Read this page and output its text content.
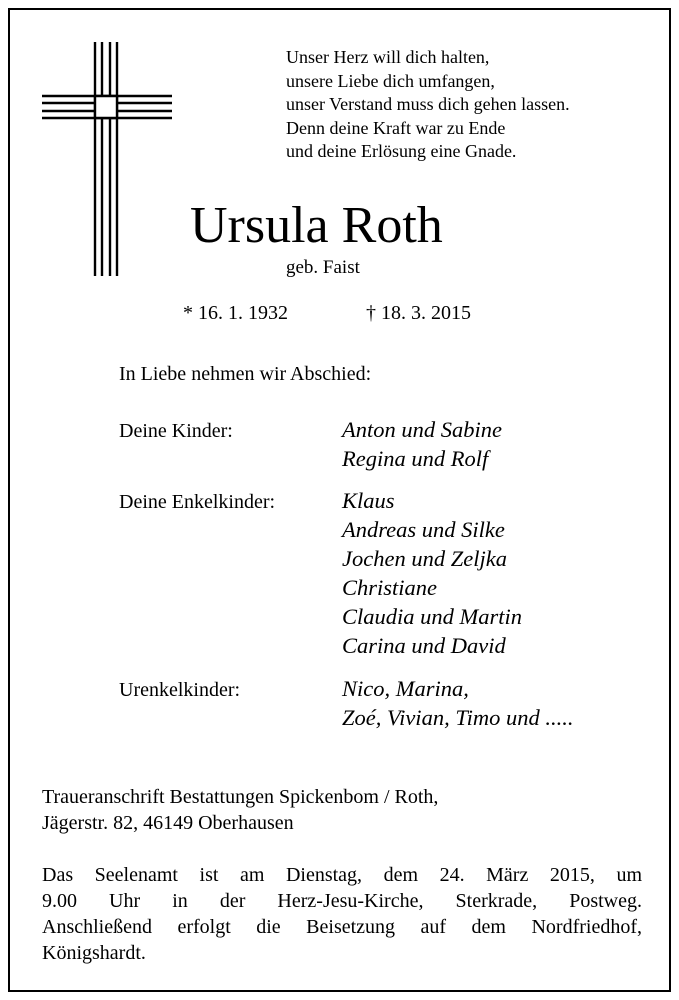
Unser Herz will dich halten,
unsere Liebe dich umfangen,
unser Verstand muss dich gehen lassen.
Denn deine Kraft war zu Ende
und deine Erlösung eine Gnade.
Ursula Roth
geb. Faist
* 16. 1. 1932	† 18. 3. 2015
In Liebe nehmen wir Abschied:
Deine Kinder:	Anton und Sabine
Regina und Rolf
Deine Enkelkinder:	Klaus
Andreas und Silke
Jochen und Zeljka
Christiane
Claudia und Martin
Carina und David
Urenkelkinder:	Nico, Marina,
Zoé, Vivian, Timo und .....
Traueranschrift Bestattungen Spickenbom / Roth,
Jägerstr. 82, 46149 Oberhausen
Das Seelenamt ist am Dienstag, dem 24. März 2015, um
9.00 Uhr in der Herz-Jesu-Kirche, Sterkrade, Postweg.
Anschließend erfolgt die Beisetzung auf dem Nordfriedhof,
Königshardt.
